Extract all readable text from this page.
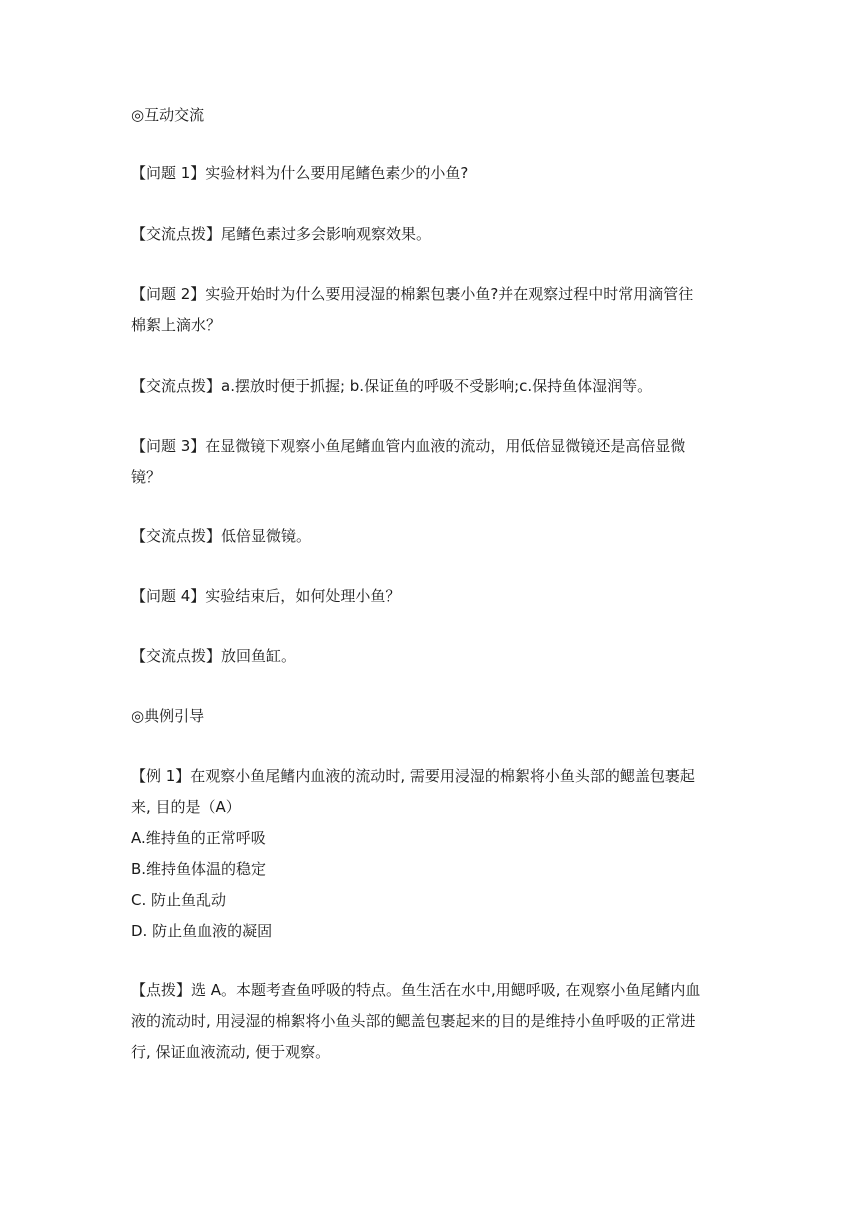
◎互动交流
【问题 1】实验材料为什么要用尾鳍色素少的小鱼?
【交流点拨】尾鳍色素过多会影响观察效果。
【问题 2】实验开始时为什么要用浸湿的棉絮包裹小鱼?并在观察过程中时常用滴管往
棉絮上滴水？
【交流点拨】a.摆放时便于抓握; b.保证鱼的呼吸不受影响;c.保持鱼体湿润等。
【问题 3】在显微镜下观察小鱼尾鳍血管内血液的流动，用低倍显微镜还是高倍显微
镜？
【交流点拨】低倍显微镜。
【问题 4】实验结束后，如何处理小鱼？
【交流点拨】放回鱼缸。
◎典例引导
【例 1】在观察小鱼尾鳍内血液的流动时, 需要用浸湿的棉絮将小鱼头部的鳃盖包裹起
来, 目的是（A）
A.维持鱼的正常呼吸
B.维持鱼体温的稳定
C. 防止鱼乱动
D. 防止鱼血液的凝固
【点拨】选 A。本题考查鱼呼吸的特点。鱼生活在水中,用鳃呼吸, 在观察小鱼尾鳍内血
液的流动时, 用浸湿的棉絮将小鱼头部的鳃盖包裹起来的目的是维持小鱼呼吸的正常进
行, 保证血液流动, 便于观察。
